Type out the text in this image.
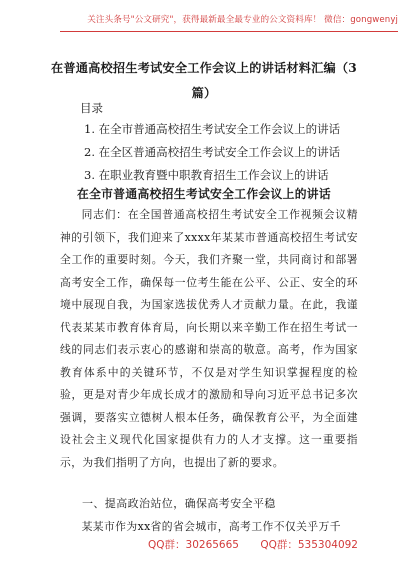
关注头条号"公文研究"，获得最新最全最专业的公文资料库！ 微信：gongwenyj
在普通高校招生考试安全工作会议上的讲话材料汇编（3篇）

目录

1. 在全市普通高校招生考试安全工作会议上的讲话
2. 在全区普通高校招生考试安全工作会议上的讲话
3. 在职业教育暨中职教育招生工作会议上的讲话
在全市普通高校招生考试安全工作会议上的讲话

同志们：在全国普通高校招生考试安全工作视频会议精神的引领下，我们迎来了xxxx年某某市普通高校招生考试安全工作的重要时刻。今天，我们齐聚一堂，共同商讨和部署高考安全工作，确保每一位考生能在公平、公正、安全的环境中展现自我，为国家选拔优秀人才贡献力量。在此，我谨代表某某市教育体育局，向长期以来辛勤工作在招生考试一线的同志们表示衷心的感谢和崇高的敬意。高考，作为国家教育体系中的关键环节，不仅是对学生知识掌握程度的检验，更是对青少年成长成才的激励和导向习近平总书记多次强调，要落实立德树人根本任务，确保教育公平，为全面建设社会主义现代化国家提供有力的人才支撑。这一重要指示，为我们指明了方向，也提出了新的要求。

一、提高政治站位，确保高考安全平稳

某某市作为xx省的省会城市，高考工作不仅关乎万千

QQ群：30265665 QQ群：535304092
